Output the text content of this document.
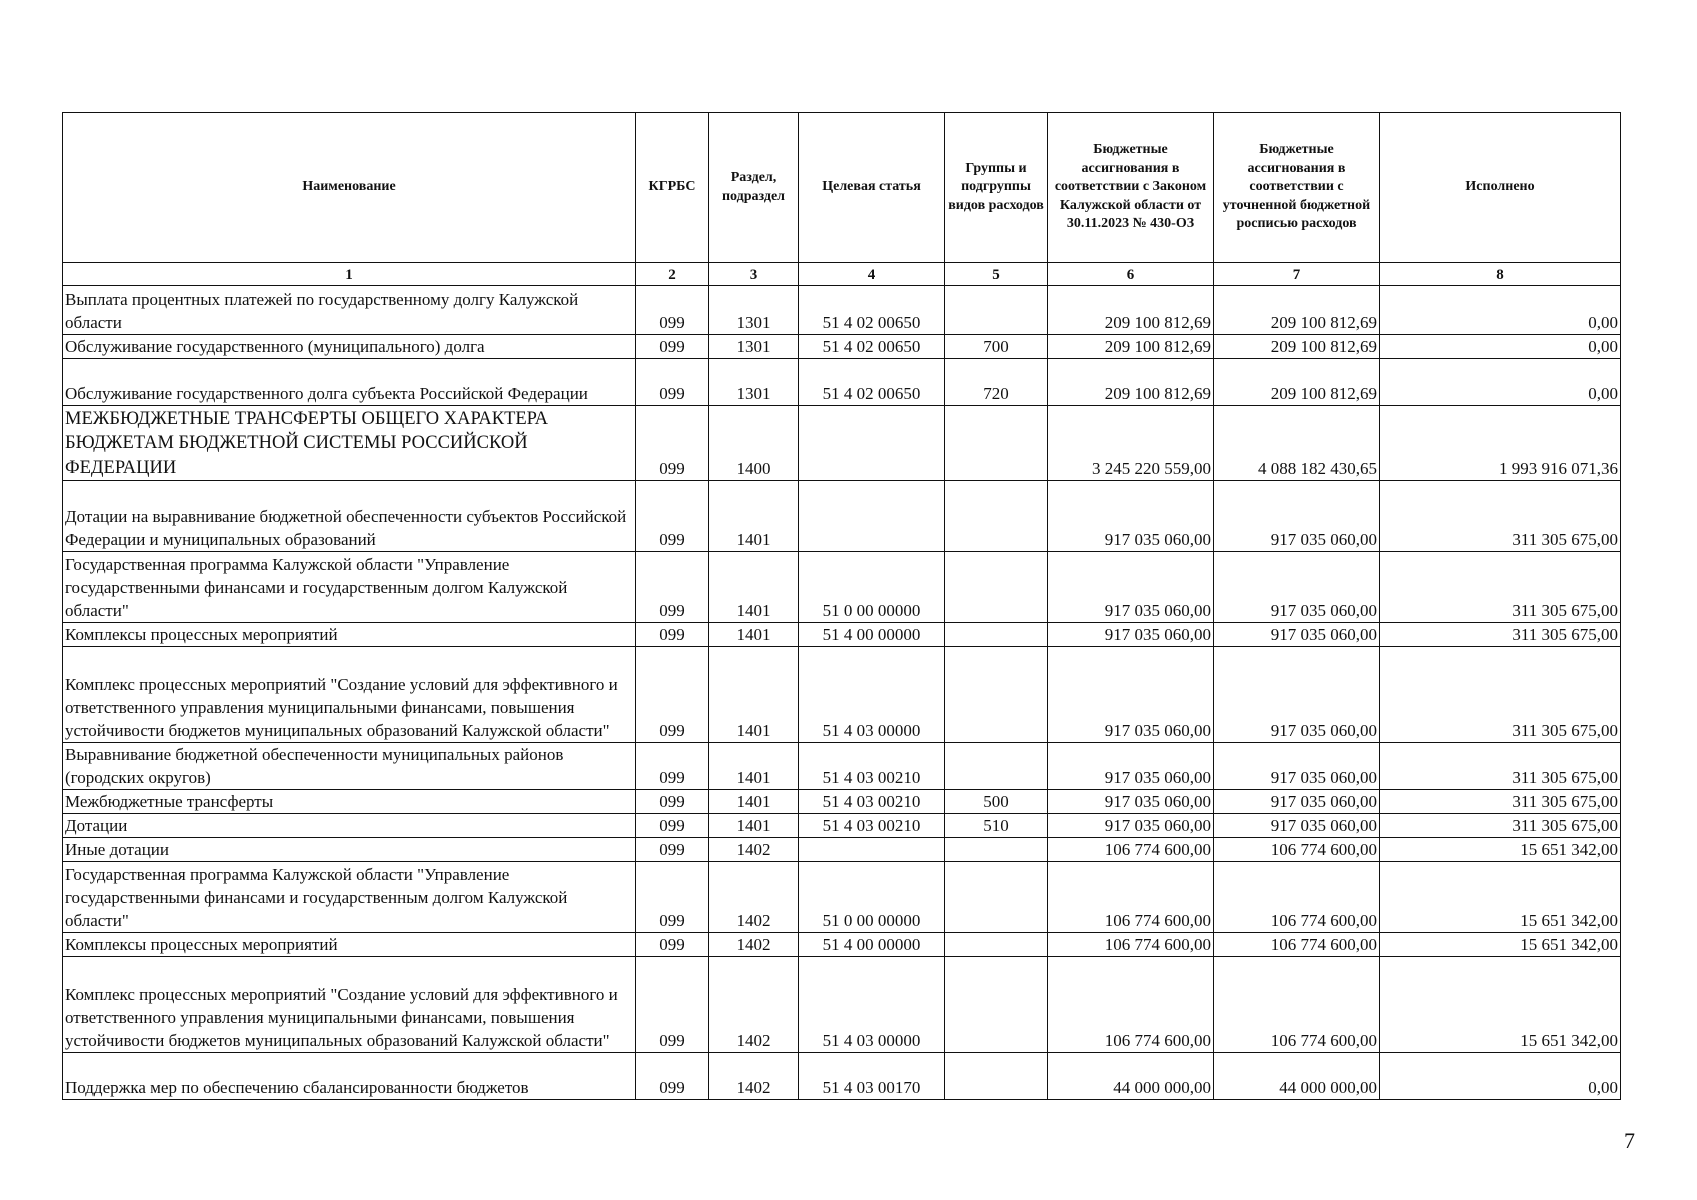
Наименование	КГРБС	Раздел, подраздел	Целевая статья	Группы и подгруппы видов расходов	Бюджетные ассигнования в соответствии с Законом Калужской области от 30.11.2023 № 430-ОЗ	Бюджетные ассигнования в соответствии с уточненной бюджетной росписью расходов	Исполнено
1	2	3	4	5	6	7	8
Выплата процентных платежей по государственному долгу Калужской области	099	1301	51 4 02 00650		209 100 812,69	209 100 812,69	0,00
Обслуживание государственного (муниципального) долга	099	1301	51 4 02 00650	700	209 100 812,69	209 100 812,69	0,00
Обслуживание государственного долга субъекта Российской Федерации	099	1301	51 4 02 00650	720	209 100 812,69	209 100 812,69	0,00
МЕЖБЮДЖЕТНЫЕ ТРАНСФЕРТЫ ОБЩЕГО ХАРАКТЕРА БЮДЖЕТАМ БЮДЖЕТНОЙ СИСТЕМЫ РОССИЙСКОЙ ФЕДЕРАЦИИ	099	1400			3 245 220 559,00	4 088 182 430,65	1 993 916 071,36
Дотации на выравнивание бюджетной обеспеченности субъектов Российской Федерации и муниципальных образований	099	1401			917 035 060,00	917 035 060,00	311 305 675,00
Государственная программа Калужской области "Управление государственными финансами и государственным долгом Калужской области"	099	1401	51 0 00 00000		917 035 060,00	917 035 060,00	311 305 675,00
Комплексы процессных мероприятий	099	1401	51 4 00 00000		917 035 060,00	917 035 060,00	311 305 675,00
Комплекс процессных мероприятий "Создание условий для эффективного и ответственного управления муниципальными финансами, повышения устойчивости бюджетов муниципальных образований Калужской области"	099	1401	51 4 03 00000		917 035 060,00	917 035 060,00	311 305 675,00
Выравнивание бюджетной обеспеченности муниципальных районов (городских округов)	099	1401	51 4 03 00210		917 035 060,00	917 035 060,00	311 305 675,00
Межбюджетные трансферты	099	1401	51 4 03 00210	500	917 035 060,00	917 035 060,00	311 305 675,00
Дотации	099	1401	51 4 03 00210	510	917 035 060,00	917 035 060,00	311 305 675,00
Иные дотации	099	1402			106 774 600,00	106 774 600,00	15 651 342,00
Государственная программа Калужской области "Управление государственными финансами и государственным долгом Калужской области"	099	1402	51 0 00 00000		106 774 600,00	106 774 600,00	15 651 342,00
Комплексы процессных мероприятий	099	1402	51 4 00 00000		106 774 600,00	106 774 600,00	15 651 342,00
Комплекс процессных мероприятий "Создание условий для эффективного и ответственного управления муниципальными финансами, повышения устойчивости бюджетов муниципальных образований Калужской области"	099	1402	51 4 03 00000		106 774 600,00	106 774 600,00	15 651 342,00
Поддержка мер по обеспечению сбалансированности бюджетов	099	1402	51 4 03 00170		44 000 000,00	44 000 000,00	0,00
7
